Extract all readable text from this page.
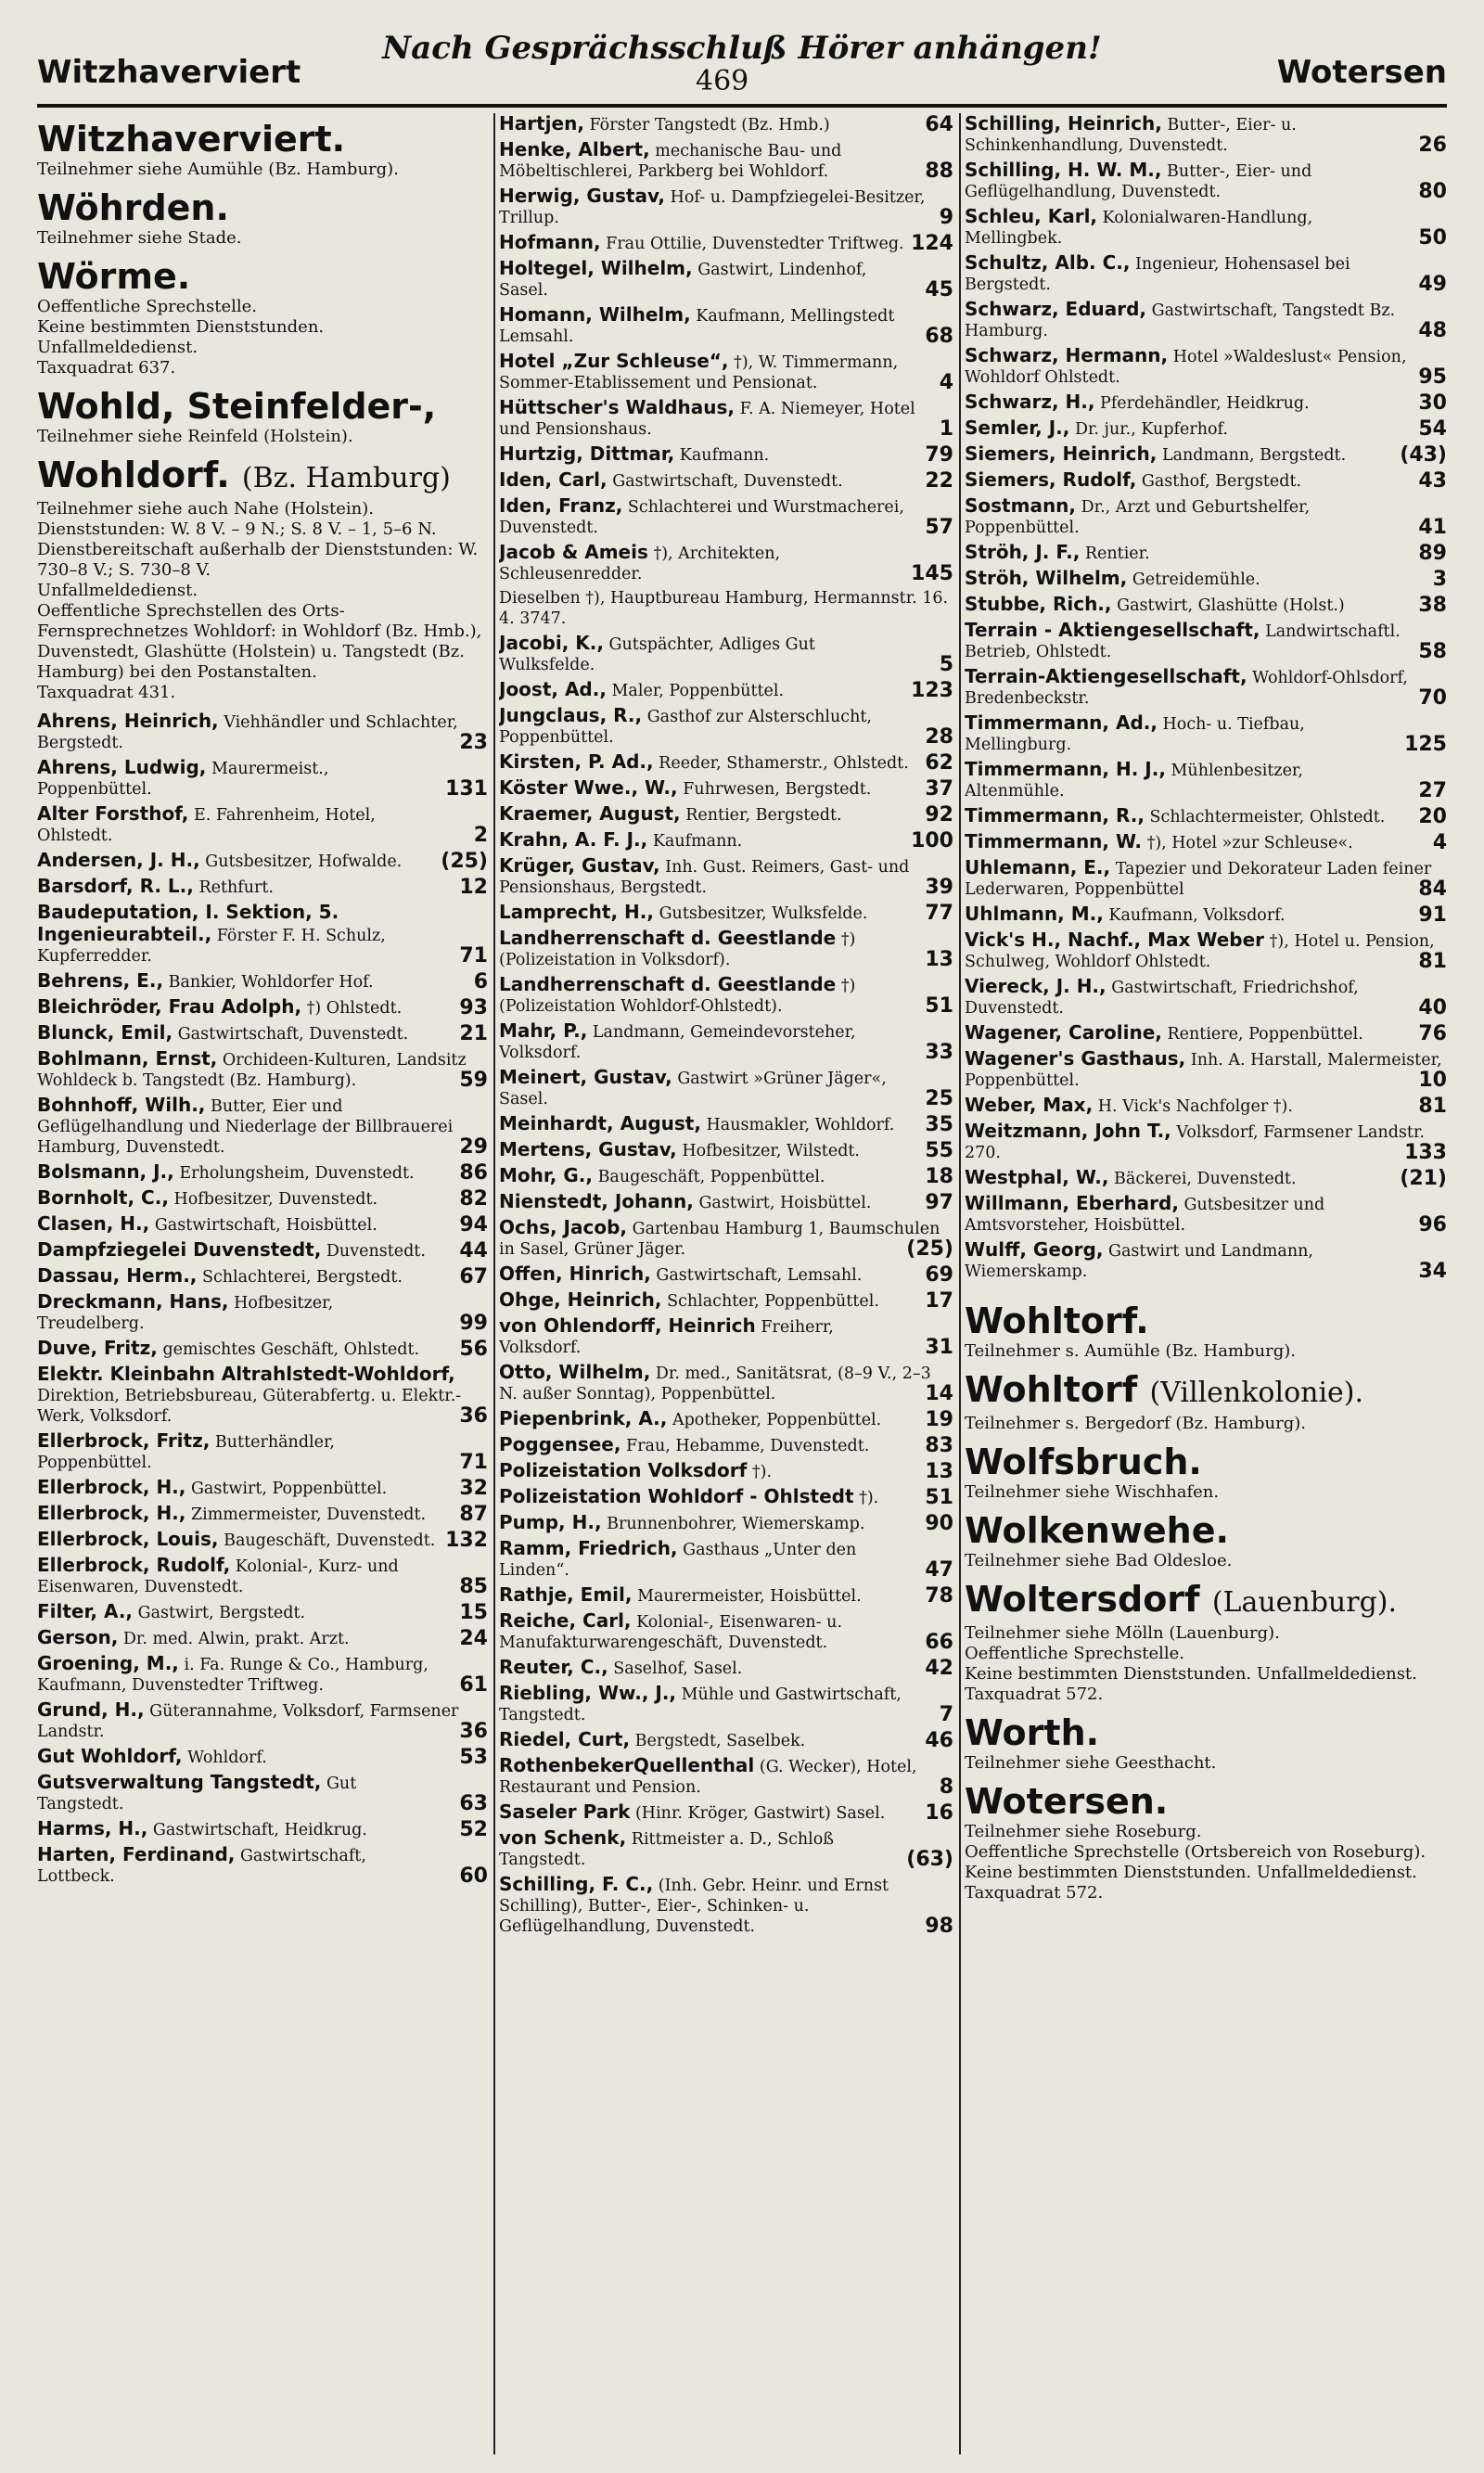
Witzhaverviert
Nach Gesprächsschluß Hörer anhängen!
469	Wotersen
Witzhaverviert.
Teilnehmer siehe Aumühle (Bz. Hamburg).
Wöhrden.
Teilnehmer siehe Stade.
Wörme.
Oeffentliche Sprechstelle.
Keine bestimmten Dienststunden. Unfallmeldedienst.
Taxquadrat 637.
Wohld, Steinfelder-,
Teilnehmer siehe Reinfeld (Holstein).
Wohldorf. (Bz. Hamburg)
Teilnehmer siehe auch Nahe (Holstein).
Dienststunden: W. 8 V. – 9 N.; S. 8 V. – 1, 5–6 N.
Dienstbereitschaft außerhalb der Dienststunden: W. 730–8 V.; S. 730–8 V.
Unfallmeldedienst.
Oeffentliche Sprechstellen des Orts-Fernsprechnetzes Wohldorf: in Wohldorf (Bz. Hmb.), Duvenstedt, Glashütte (Holstein) u. Tangstedt (Bz. Hamburg) bei den Postanstalten.
Taxquadrat 431.
Ahrens, Heinrich, Viehhändler und Schlachter, Bergstedt.	23
Ahrens, Ludwig, Maurermeist., Poppenbüttel.	131
Alter Forsthof, E. Fahrenheim, Hotel, Ohlstedt.	2
Andersen, J. H., Gutsbesitzer, Hofwalde. (25)
Barsdorf, R. L., Rethfurt.	12
Baudeputation, I. Sektion, 5. Ingenieurabteil., Förster F. H. Schulz, Kupferredder.	71
Behrens, E., Bankier, Wohldorfer Hof.	6
Bleichröder, Frau Adolph, †) Ohlstedt.	93
Blunck, Emil, Gastwirtschaft, Duvenstedt.	21
Bohlmann, Ernst, Orchideen-Kulturen, Landsitz Wohldeck b. Tangstedt (Bz. Hamburg).	59
Bohnhoff, Wilh., Butter, Eier und Geflügelhandlung und Niederlage der Billbrauerei Hamburg, Duvenstedt.	29
Bolsmann, J., Erholungsheim, Duvenstedt. 86
Bornholt, C., Hofbesitzer, Duvenstedt.	82
Clasen, H., Gastwirtschaft, Hoisbüttel.	94
Dampfziegelei Duvenstedt, Duvenstedt. 44
Dassau, Herm., Schlachterei, Bergstedt.	67
Dreckmann, Hans, Hofbesitzer, Treudelberg.	99
Duve, Fritz, gemischtes Geschäft, Ohlstedt. 56
Elektr. Kleinbahn Altrahlstedt-Wohldorf, Direktion, Betriebsbureau, Güterabfertg. u. Elektr.-Werk, Volksdorf.	36
Ellerbrock, Fritz, Butterhändler, Poppenbüttel.	71
Ellerbrock, H., Gastwirt, Poppenbüttel.	32
Ellerbrock, H., Zimmermeister, Duvenstedt. 87
Ellerbrock, Louis, Baugeschäft, Duvenstedt. 132
Ellerbrock, Rudolf, Kolonial-, Kurz- und Eisenwaren, Duvenstedt.	85
Filter, A., Gastwirt, Bergstedt.	15
Gerson, Dr. med. Alwin, prakt. Arzt.	24
Groening, M., i. Fa. Runge & Co., Hamburg, Kaufmann, Duvenstedter Triftweg.	61
Grund, H., Güterannahme, Volksdorf, Farmsener Landstr.	36
Gut Wohldorf, Wohldorf.	53
Gutsverwaltung Tangstedt, Gut Tangstedt.	63
Harms, H., Gastwirtschaft, Heidkrug.	52
Harten, Ferdinand, Gastwirtschaft, Lottbeck.	60
Hartjen, Förster Tangstedt (Bz. Hmb.)	64
Henke, Albert, mechanische Bau- und Möbeltischlerei, Parkberg bei Wohldorf.	88
Herwig, Gustav, Hof- u. Dampfziegelei-Besitzer, Trillup.	9
Hofmann, Frau Ottilie, Duvenstedter Triftweg. 124
Holtegel, Wilhelm, Gastwirt, Lindenhof, Sasel.	45
Homann, Wilhelm, Kaufmann, Mellingstedt Lemsahl.	68
Hotel „Zur Schleuse“, †), W. Timmermann, Sommer-Etablissement und Pensionat.	4
Hüttscher's Waldhaus, F. A. Niemeyer, Hotel und Pensionshaus.	1
Hurtzig, Dittmar, Kaufmann.	79
Iden, Carl, Gastwirtschaft, Duvenstedt.	22
Iden, Franz, Schlachterei und Wurstmacherei, Duvenstedt.	57
Jacob & Ameis †), Architekten, Schleusenredder.	145
Dieselben †), Hauptbureau Hamburg, Hermannstr. 16. 4. 3747.
Jacobi, K., Gutspächter, Adliges Gut Wulksfelde.	5
Joost, Ad., Maler, Poppenbüttel.	123
Jungclaus, R., Gasthof zur Alsterschlucht, Poppenbüttel.	28
Kirsten, P. Ad., Reeder, Sthamerstr., Ohlstedt. 62
Köster Wwe., W., Fuhrwesen, Bergstedt.	37
Kraemer, August, Rentier, Bergstedt.	92
Krahn, A. F. J., Kaufmann.	100
Krüger, Gustav, Inh. Gust. Reimers, Gast- und Pensionshaus, Bergstedt.	39
Lamprecht, H., Gutsbesitzer, Wulksfelde.	77
Landherrenschaft d. Geestlande †) (Polizeistation in Volksdorf).	13
Landherrenschaft d. Geestlande †) (Polizeistation Wohldorf-Ohlstedt).	51
Mahr, P., Landmann, Gemeindevorsteher, Volksdorf.	33
Meinert, Gustav, Gastwirt »Grüner Jäger«, Sasel.	25
Meinhardt, August, Hausmakler, Wohldorf. 35
Mertens, Gustav, Hofbesitzer, Wilstedt.	55
Mohr, G., Baugeschäft, Poppenbüttel.	18
Nienstedt, Johann, Gastwirt, Hoisbüttel.	97
Ochs, Jacob, Gartenbau Hamburg 1, Baumschulen in Sasel, Grüner Jäger.	(25)
Offen, Hinrich, Gastwirtschaft, Lemsahl.	69
Ohge, Heinrich, Schlachter, Poppenbüttel. 17
von Ohlendorff, Heinrich Freiherr, Volksdorf.	31
Otto, Wilhelm, Dr. med., Sanitätsrat, (8–9 V., 2–3 N. außer Sonntag), Poppenbüttel.	14
Piepenbrink, A., Apotheker, Poppenbüttel. 19
Poggensee, Frau, Hebamme, Duvenstedt.	83
Polizeistation Volksdorf †).	13
Polizeistation Wohldorf - Ohlstedt †). 51
Pump, H., Brunnenbohrer, Wiemerskamp.	90
Ramm, Friedrich, Gasthaus „Unter den Linden“.	47
Rathje, Emil, Maurermeister, Hoisbüttel.	78
Reiche, Carl, Kolonial-, Eisenwaren- u. Manufakturwarengeschäft, Duvenstedt.	66
Reuter, C., Saselhof, Sasel.	42
Riebling, Ww., J., Mühle und Gastwirtschaft, Tangstedt.	7
Riedel, Curt, Bergstedt, Saselbek.	46
RothenbekerQuellenthal (G. Wecker), Hotel, Restaurant und Pension.	8
Saseler Park (Hinr. Kröger, Gastwirt) Sasel. 16
von Schenk, Rittmeister a. D., Schloß Tangstedt.	(63)
Schilling, F. C., (Inh. Gebr. Heinr. und Ernst Schilling), Butter-, Eier-, Schinken- u. Geflügelhandlung, Duvenstedt.	98
Schilling, Heinrich, Butter-, Eier- u. Schinkenhandlung, Duvenstedt.	26
Schilling, H. W. M., Butter-, Eier- und Geflügelhandlung, Duvenstedt.	80
Schleu, Karl, Kolonialwaren-Handlung, Mellingbek.	50
Schultz, Alb. C., Ingenieur, Hohensasel bei Bergstedt.	49
Schwarz, Eduard, Gastwirtschaft, Tangstedt Bz. Hamburg.	48
Schwarz, Hermann, Hotel »Waldeslust« Pension, Wohldorf Ohlstedt.	95
Schwarz, H., Pferdehändler, Heidkrug.	30
Semler, J., Dr. jur., Kupferhof.	54
Siemers, Heinrich, Landmann, Bergstedt.	(43)
Siemers, Rudolf, Gasthof, Bergstedt.	43
Sostmann, Dr., Arzt und Geburtshelfer, Poppenbüttel.	41
Ströh, J. F., Rentier.	89
Ströh, Wilhelm, Getreidemühle.	3
Stubbe, Rich., Gastwirt, Glashütte (Holst.)	38
Terrain - Aktiengesellschaft, Landwirtschaftl. Betrieb, Ohlstedt.	58
Terrain-Aktiengesellschaft, Wohldorf-Ohlsdorf, Bredenbeckstr.	70
Timmermann, Ad., Hoch- u. Tiefbau, Mellingburg.	125
Timmermann, H. J., Mühlenbesitzer, Altenmühle.	27
Timmermann, R., Schlachtermeister, Ohlstedt. 20
Timmermann, W. †), Hotel »zur Schleuse«.	4
Uhlemann, E., Tapezier und Dekorateur Laden feiner Lederwaren, Poppenbüttel	84
Uhlmann, M., Kaufmann, Volksdorf.	91
Vick's H., Nachf., Max Weber †), Hotel u. Pension, Schulweg, Wohldorf Ohlstedt.	81
Viereck, J. H., Gastwirtschaft, Friedrichshof, Duvenstedt.	40
Wagener, Caroline, Rentiere, Poppenbüttel.	76
Wagener's Gasthaus, Inh. A. Harstall, Malermeister, Poppenbüttel.	10
Weber, Max, H. Vick's Nachfolger †).	81
Weitzmann, John T., Volksdorf, Farmsener Landstr. 270.	133
Westphal, W., Bäckerei, Duvenstedt.	(21)
Willmann, Eberhard, Gutsbesitzer und Amtsvorsteher, Hoisbüttel.	96
Wulff, Georg, Gastwirt und Landmann, Wiemerskamp.	34
Wohltorf.
Teilnehmer s. Aumühle (Bz. Hamburg).
Wohltorf (Villenkolonie).
Teilnehmer s. Bergedorf (Bz. Hamburg).
Wolfsbruch.
Teilnehmer siehe Wischhafen.
Wolkenwehe.
Teilnehmer siehe Bad Oldesloe.
Woltersdorf (Lauenburg).
Teilnehmer siehe Mölln (Lauenburg).
Oeffentliche Sprechstelle.
Keine bestimmten Dienststunden. Unfallmeldedienst.
Taxquadrat 572.
Worth.
Teilnehmer siehe Geesthacht.
Wotersen.
Teilnehmer siehe Roseburg.
Oeffentliche Sprechstelle (Ortsbereich von Roseburg).
Keine bestimmten Dienststunden. Unfallmeldedienst.
Taxquadrat 572.
